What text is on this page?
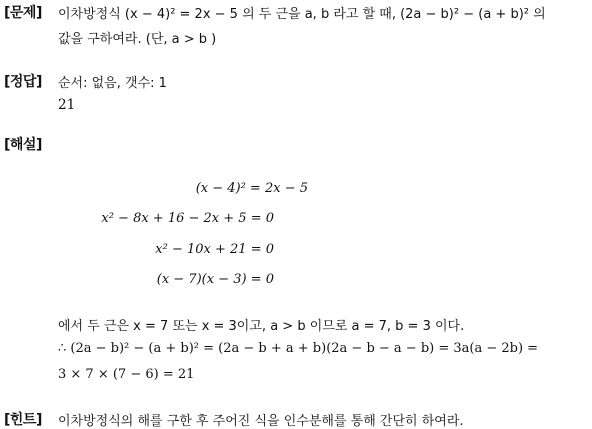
[문제] 이차방정식 (x − 4)² = 2x − 5 의 두 근을 a, b 라고 할 때, (2a − b)² − (a + b)² 의
값을 구하여라. (단, a > b )
[정답] 순서: 없음, 갯수: 1
21
[해설]
(x − 4)² = 2x − 5
x² − 8x + 16 − 2x + 5 = 0
x² − 10x + 21 = 0
(x − 7)(x − 3) = 0
에서 두 근은 x = 7 또는 x = 3이고, a > b 이므로 a = 7, b = 3 이다.
∴ (2a − b)² − (a + b)² = (2a − b + a + b)(2a − b − a − b) = 3a(a − 2b) =
3 × 7 × (7 − 6) = 21
[힌트] 이차방정식의 해를 구한 후 주어진 식을 인수분해를 통해 간단히 하여라.
